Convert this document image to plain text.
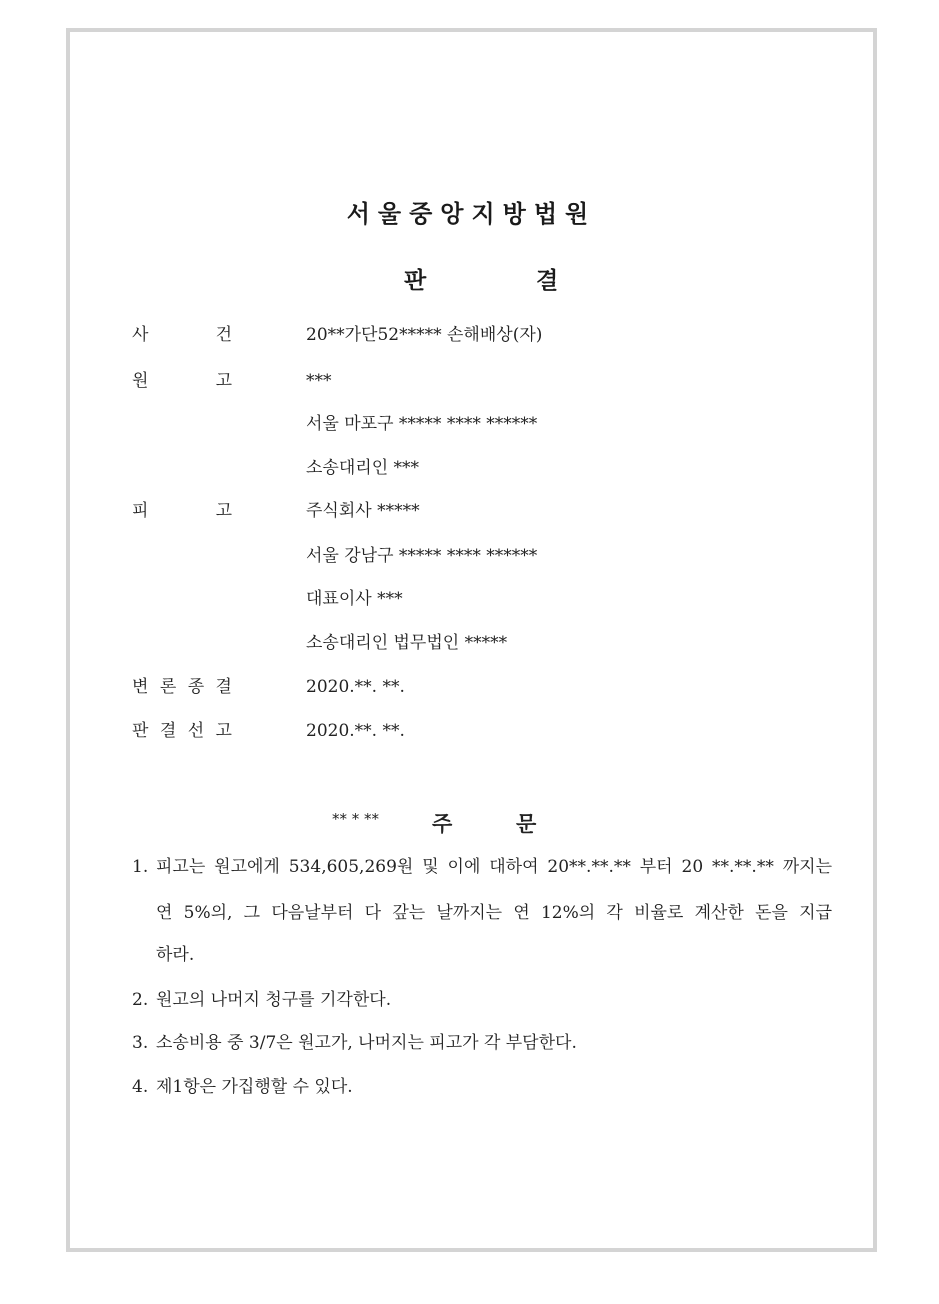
서울중앙지방법원
판	결
사	건	20**가단52***** 손해배상(자)
원	고	***
서울 마포구 ***** **** ******
소송대리인 ***
피	고	주식회사 *****
서울 강남구 ***** **** ******
대표이사 ***
소송대리인 법무법인 *****
변 론 종 결	2020.**. **.
판 결 선 고	2020.**. **.
** * **	주	문
1. 피고는 원고에게 534,605,269원 및 이에 대하여 20**.**.** 부터 20 **.**.** 까지는
연 5%의, 그 다음날부터 다 갚는 날까지는 연 12%의 각 비율로 계산한 돈을 지급
하라.
2. 원고의 나머지 청구를 기각한다.
3. 소송비용 중 3/7은 원고가, 나머지는 피고가 각 부담한다.
4. 제1항은 가집행할 수 있다.
